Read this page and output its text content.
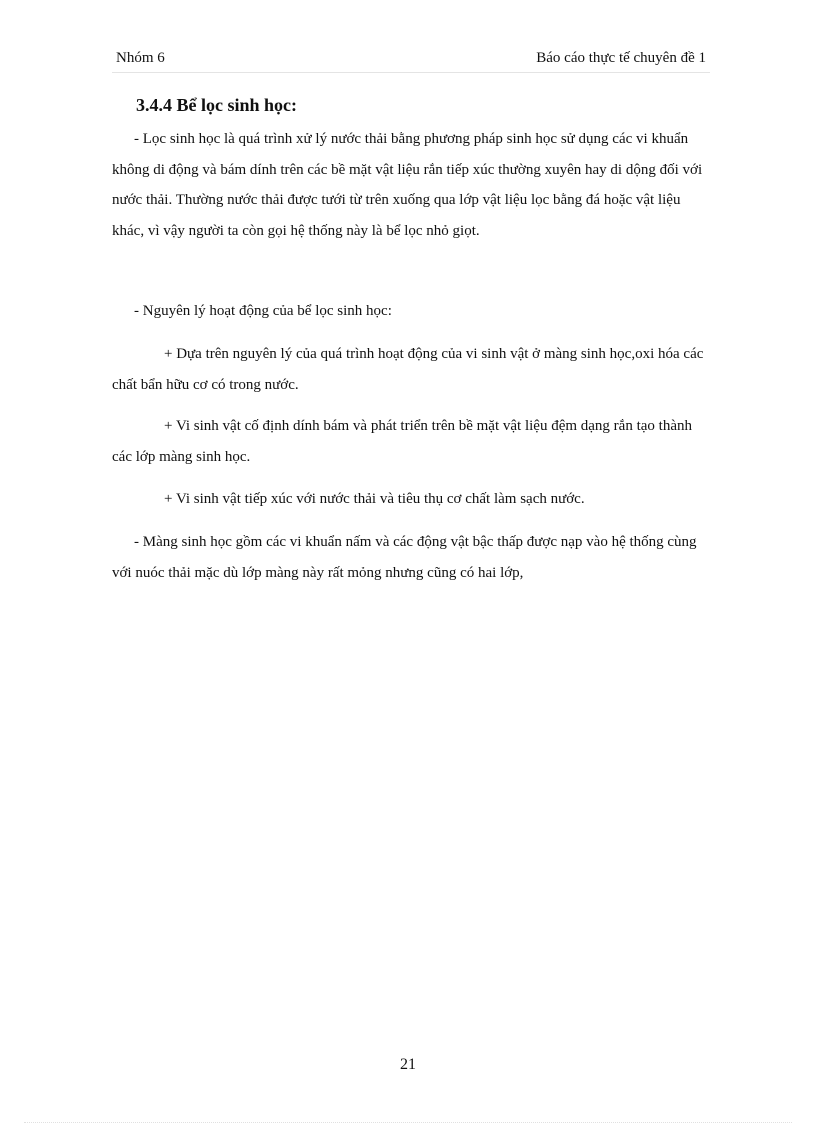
Nhóm 6	Báo cáo thực tế chuyên đề 1
3.4.4 Bể lọc sinh học:

- Lọc sinh học là quá trình xử lý nước thải bằng phương pháp sinh học sử dụng các vi khuẩn không di động và bám dính trên các bề mặt vật liệu rắn tiếp xúc thường xuyên hay di dộng đối với nước thải. Thường nước thải được tưới từ trên xuống qua lớp vật liệu lọc bằng đá hoặc vật liệu khác, vì vậy người ta còn gọi hệ thống này là bể lọc nhỏ giọt.

- Nguyên lý hoạt động của bể lọc sinh học:

+ Dựa trên nguyên lý của quá trình hoạt động của vi sinh vật ở màng sinh học,oxi hóa các chất bẩn hữu cơ có trong nước.

+ Vi sinh vật cố định dính bám và phát triển trên bề mặt vật liệu đệm dạng rắn tạo thành các lớp màng sinh học.

+ Vi sinh vật tiếp xúc với nước thải và tiêu thụ cơ chất làm sạch nước.

- Màng sinh học gồm các vi khuẩn nấm và các động vật bậc thấp được nạp vào hệ thống cùng với nuóc thải mặc dù lớp màng này rất mỏng nhưng cũng có hai lớp,

21
